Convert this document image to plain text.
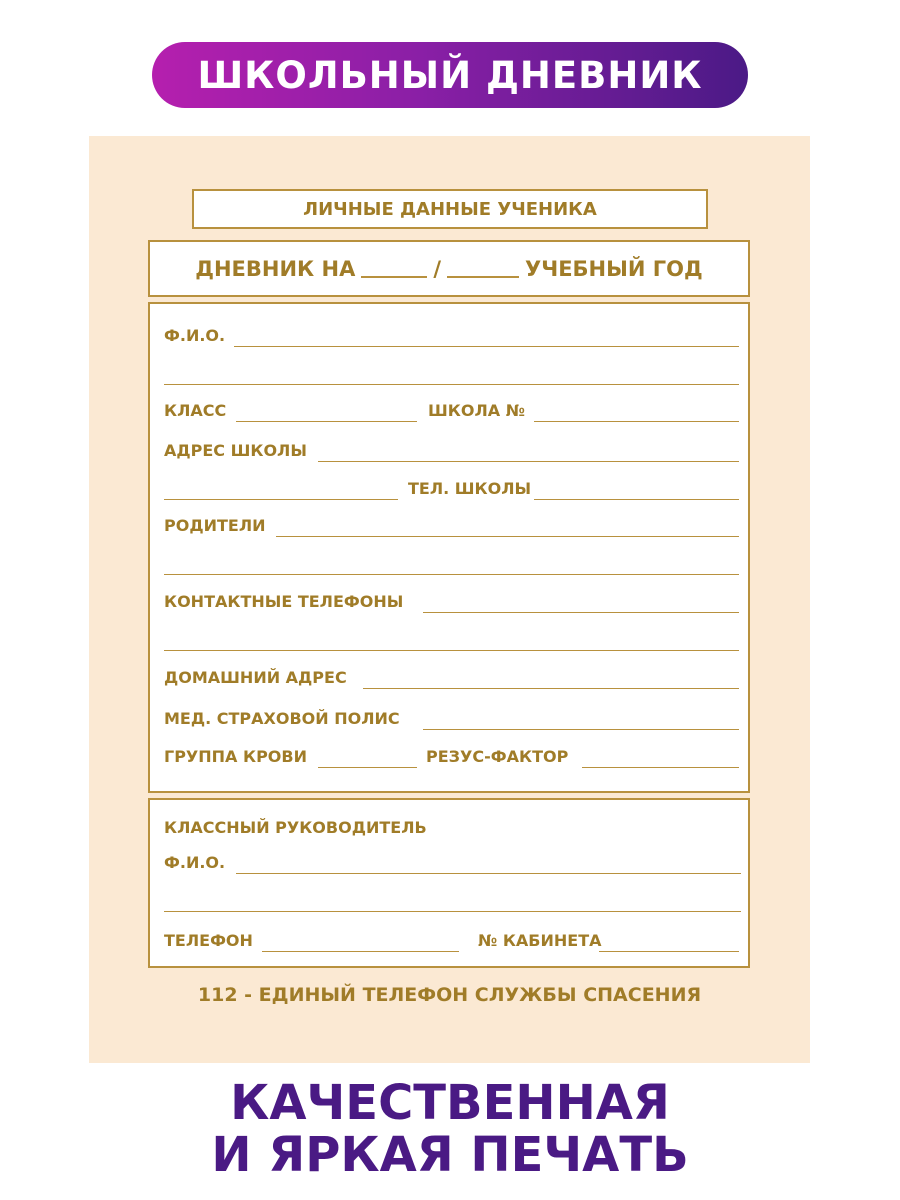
ШКОЛЬНЫЙ ДНЕВНИК
ЛИЧНЫЕ ДАННЫЕ УЧЕНИКА
ДНЕВНИК НА	/	УЧЕБНЫЙ ГОД
Ф.И.О.
КЛАСС	ШКОЛА №
АДРЕС ШКОЛЫ
ТЕЛ. ШКОЛЫ
РОДИТЕЛИ
КОНТАКТНЫЕ ТЕЛЕФОНЫ
ДОМАШНИЙ АДРЕС
МЕД. СТРАХОВОЙ ПОЛИС
ГРУППА КРОВИ	РЕЗУС-ФАКТОР
КЛАССНЫЙ РУКОВОДИТЕЛЬ
Ф.И.О.
ТЕЛЕФОН	№ КАБИНЕТА
112 - ЕДИНЫЙ ТЕЛЕФОН СЛУЖБЫ СПАСЕНИЯ
КАЧЕСТВЕННАЯ
И ЯРКАЯ ПЕЧАТЬ
